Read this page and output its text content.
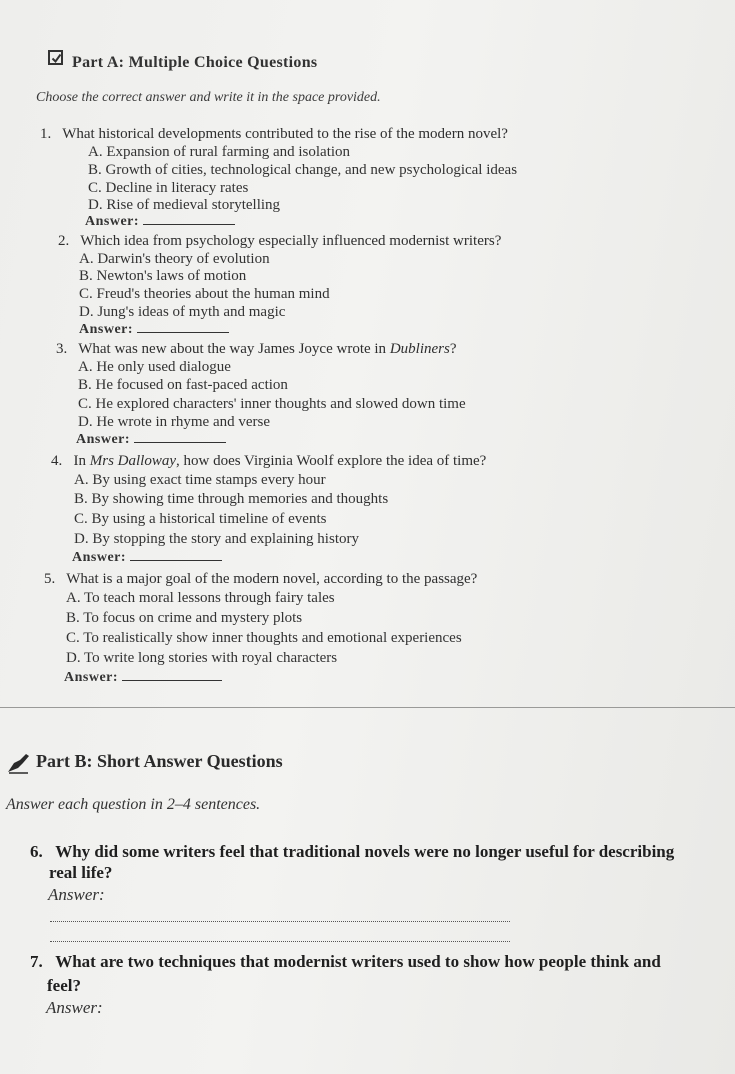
Part A: Multiple Choice Questions
Choose the correct answer and write it in the space provided.
1. What historical developments contributed to the rise of the modern novel?
A. Expansion of rural farming and isolation
B. Growth of cities, technological change, and new psychological ideas
C. Decline in literacy rates
D. Rise of medieval storytelling
Answer:
2. Which idea from psychology especially influenced modernist writers?
A. Darwin's theory of evolution
B. Newton's laws of motion
C. Freud's theories about the human mind
D. Jung's ideas of myth and magic
Answer:
3. What was new about the way James Joyce wrote in Dubliners?
A. He only used dialogue
B. He focused on fast-paced action
C. He explored characters' inner thoughts and slowed down time
D. He wrote in rhyme and verse
Answer:
4. In Mrs Dalloway, how does Virginia Woolf explore the idea of time?
A. By using exact time stamps every hour
B. By showing time through memories and thoughts
C. By using a historical timeline of events
D. By stopping the story and explaining history
Answer:
5. What is a major goal of the modern novel, according to the passage?
A. To teach moral lessons through fairy tales
B. To focus on crime and mystery plots
C. To realistically show inner thoughts and emotional experiences
D. To write long stories with royal characters
Answer:
Part B: Short Answer Questions
Answer each question in 2–4 sentences.
6. Why did some writers feel that traditional novels were no longer useful for describing
real life?
Answer:
7. What are two techniques that modernist writers used to show how people think and
feel?
Answer:
